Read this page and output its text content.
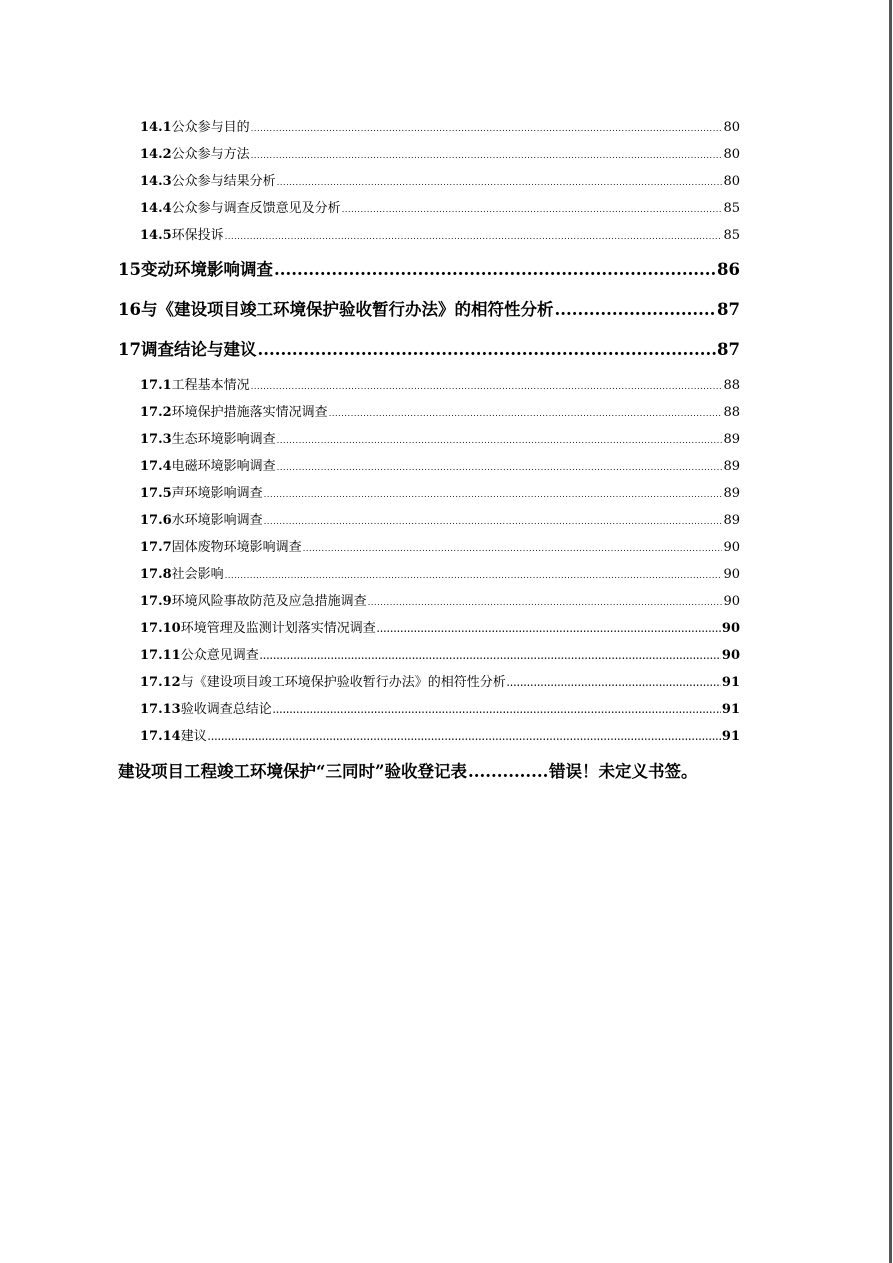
14.1 公众参与目的 .....	80
14.2 公众参与方法 .....	80
14.3 公众参与结果分析 .....	80
14.4 公众参与调查反馈意见及分析 .....	85
14.5 环保投诉 .....	85
15 变动环境影响调查 .....	86
16 与《建设项目竣工环境保护验收暂行办法》的相符性分析 .....	87
17 调查结论与建议 .....	87
17.1 工程基本情况 .....	88
17.2 环境保护措施落实情况调查 .....	88
17.3 生态环境影响调查 .....	89
17.4 电磁环境影响调查 .....	89
17.5 声环境影响调查 .....	89
17.6 水环境影响调查 .....	89
17.7 固体废物环境影响调查 .....	90
17.8 社会影响 .....	90
17.9 环境风险事故防范及应急措施调查 .....	90
17.10 环境管理及监测计划落实情况调查 .....	90
17.11 公众意见调查 .....	90
17.12 与《建设项目竣工环境保护验收暂行办法》的相符性分析 .....	91
17.13 验收调查总结论 .....	91
17.14 建议 .....	91
建设项目工程竣工环境保护“三同时”验收登记表 .....	错误！未定义书签。
